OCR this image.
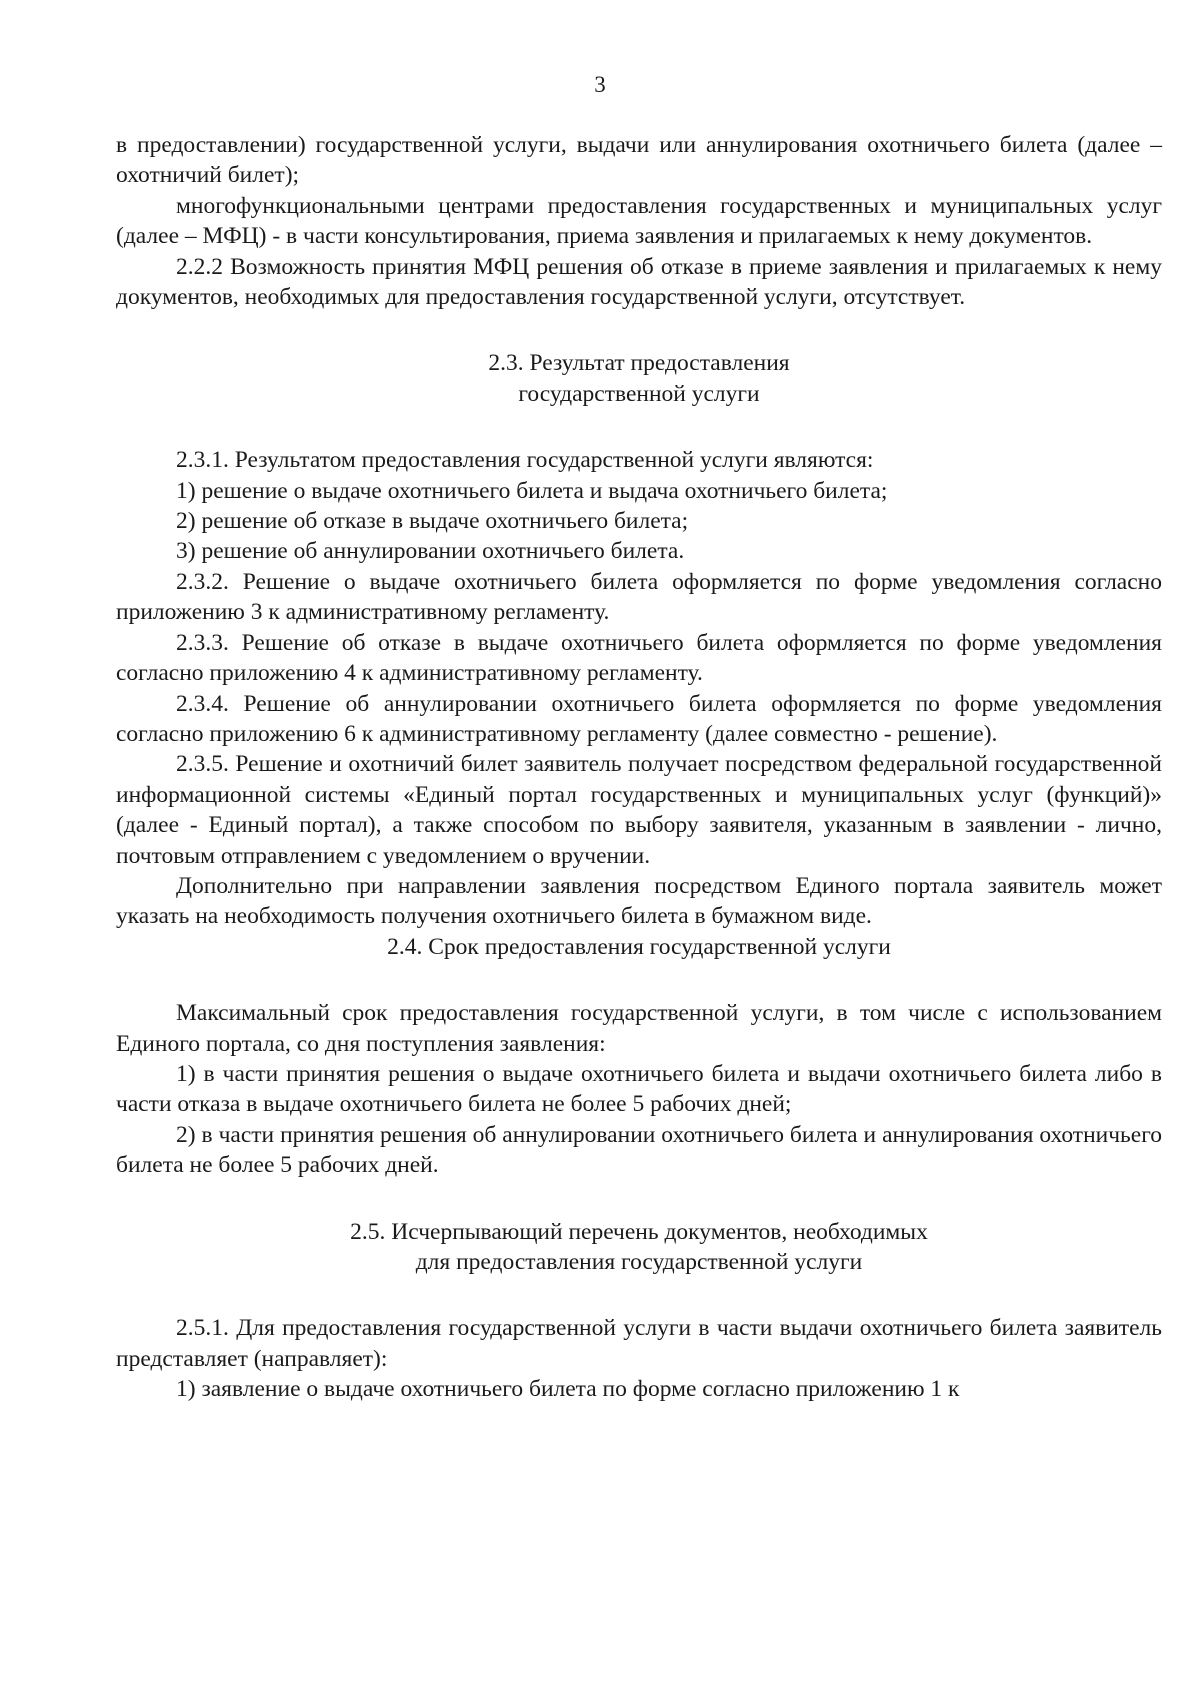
3

в предоставлении) государственной услуги, выдачи или аннулирования охотничьего билета (далее – охотничий билет);

многофункциональными центрами предоставления государственных и муниципальных услуг (далее – МФЦ) - в части консультирования, приема заявления и прилагаемых к нему документов.

2.2.2 Возможность принятия МФЦ решения об отказе в приеме заявления и прилагаемых к нему документов, необходимых для предоставления государственной услуги, отсутствует.

2.3. Результат предоставления
государственной услуги

2.3.1. Результатом предоставления государственной услуги являются:

1) решение о выдаче охотничьего билета и выдача охотничьего билета;

2) решение об отказе в выдаче охотничьего билета;

3) решение об аннулировании охотничьего билета.

2.3.2. Решение о выдаче охотничьего билета оформляется по форме уведомления согласно приложению 3 к административному регламенту.

2.3.3. Решение об отказе в выдаче охотничьего билета оформляется по форме уведомления согласно приложению 4 к административному регламенту.

2.3.4. Решение об аннулировании охотничьего билета оформляется по форме уведомления согласно приложению 6 к административному регламенту (далее совместно - решение).

2.3.5. Решение и охотничий билет заявитель получает посредством федеральной государственной информационной системы «Единый портал государственных и муниципальных услуг (функций)» (далее - Единый портал), а также способом по выбору заявителя, указанным в заявлении - лично, почтовым отправлением с уведомлением о вручении.

Дополнительно при направлении заявления посредством Единого портала заявитель может указать на необходимость получения охотничьего билета в бумажном виде.

2.4. Срок предоставления государственной услуги

Максимальный срок предоставления государственной услуги, в том числе с использованием Единого портала, со дня поступления заявления:

1) в части принятия решения о выдаче охотничьего билета и выдачи охотничьего билета либо в части отказа в выдаче охотничьего билета не более 5 рабочих дней;

2) в части принятия решения об аннулировании охотничьего билета и аннулирования охотничьего билета не более 5 рабочих дней.

2.5. Исчерпывающий перечень документов, необходимых
для предоставления государственной услуги

2.5.1. Для предоставления государственной услуги в части выдачи охотничьего билета заявитель представляет (направляет):

1) заявление о выдаче охотничьего билета по форме согласно приложению 1 к
